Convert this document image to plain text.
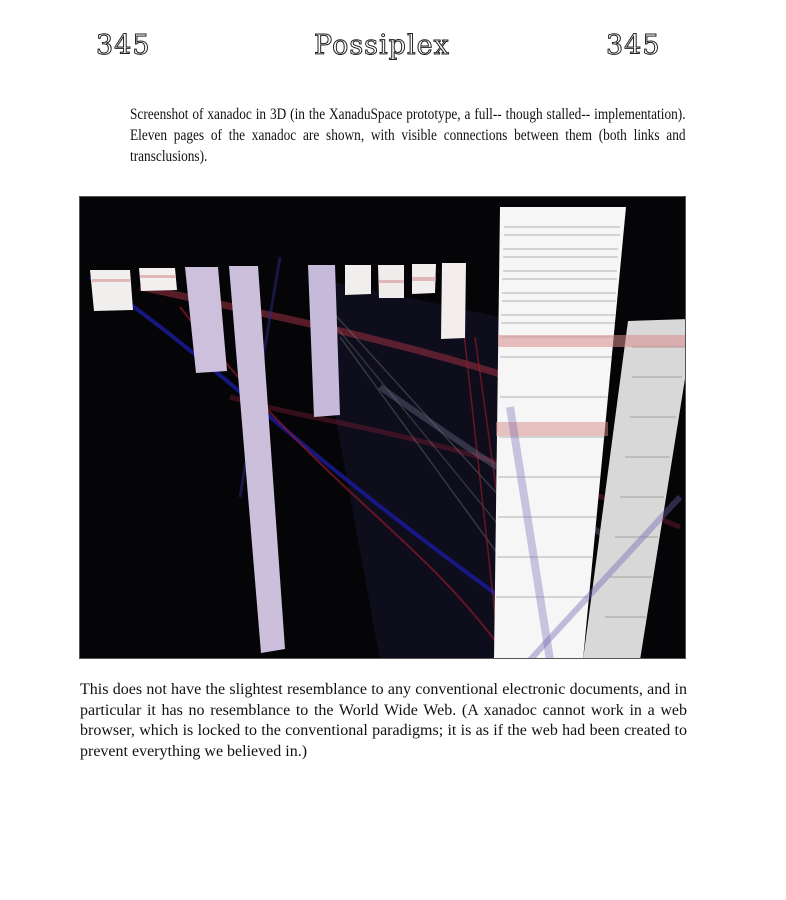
345	Possiplex	345
Screenshot of xanadoc in 3D (in the XanaduSpace prototype, a full-- though stalled-- implementation). Eleven pages of the xanadoc are shown, with visible connections between them (both links and transclusions).
This does not have the slightest resemblance to any conventional electronic documents, and in particular it has no resemblance to the World Wide Web. (A xanadoc cannot work in a web browser, which is locked to the conventional paradigms; it is as if the web had been created to prevent everything we believed in.)
